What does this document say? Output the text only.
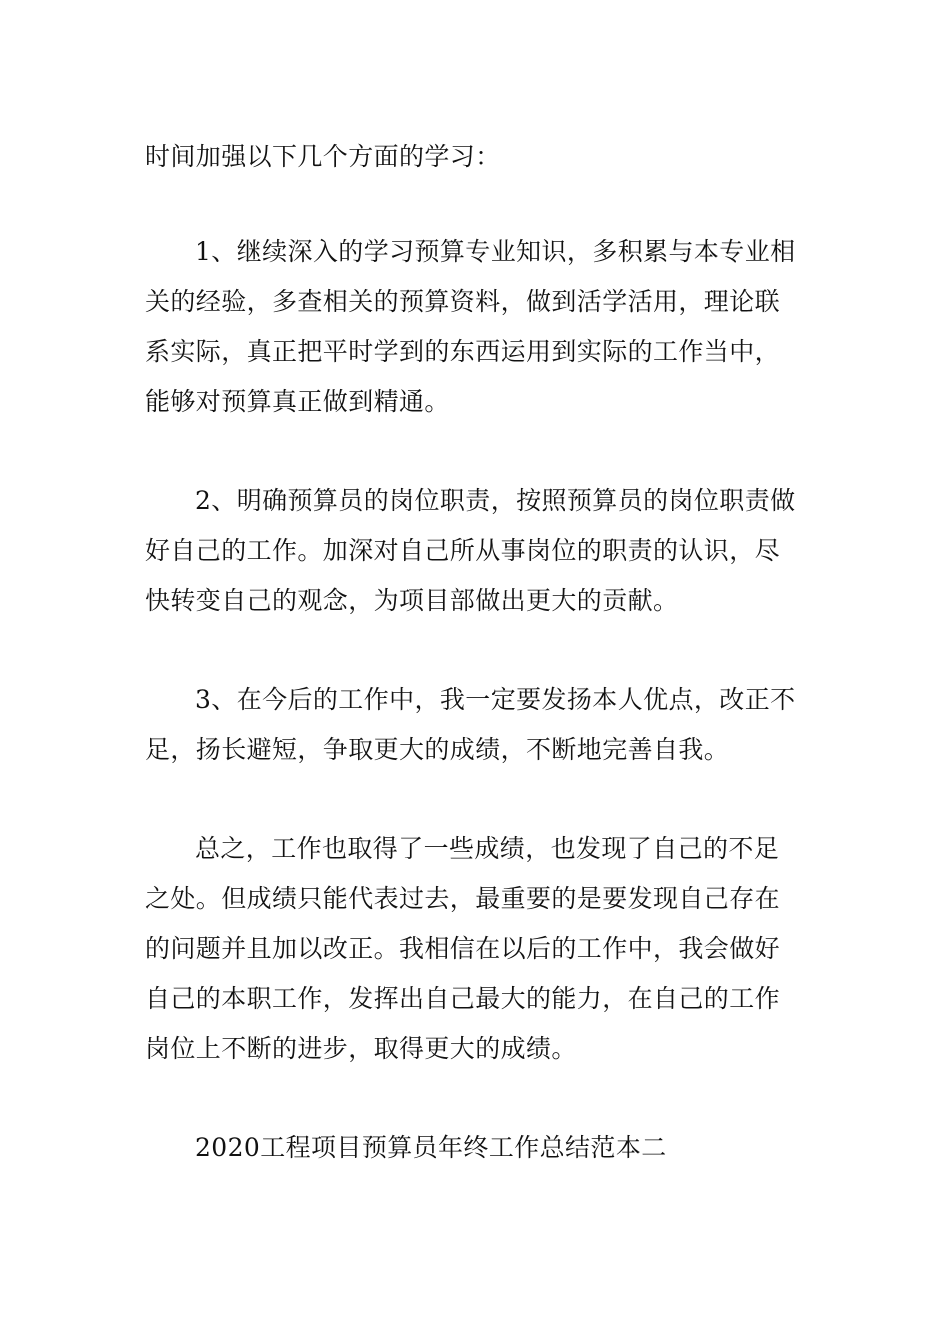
时间加强以下几个方面的学习：
1、继续深入的学习预算专业知识，多积累与本专业相
关的经验，多查相关的预算资料，做到活学活用，理论联
系实际，真正把平时学到的东西运用到实际的工作当中，
能够对预算真正做到精通。
2、明确预算员的岗位职责，按照预算员的岗位职责做
好自己的工作。加深对自己所从事岗位的职责的认识，尽
快转变自己的观念，为项目部做出更大的贡献。
3、在今后的工作中，我一定要发扬本人优点，改正不
足，扬长避短，争取更大的成绩，不断地完善自我。
总之，工作也取得了一些成绩，也发现了自己的不足
之处。但成绩只能代表过去，最重要的是要发现自己存在
的问题并且加以改正。我相信在以后的工作中，我会做好
自己的本职工作，发挥出自己最大的能力，在自己的工作
岗位上不断的进步，取得更大的成绩。
2020工程项目预算员年终工作总结范本二
